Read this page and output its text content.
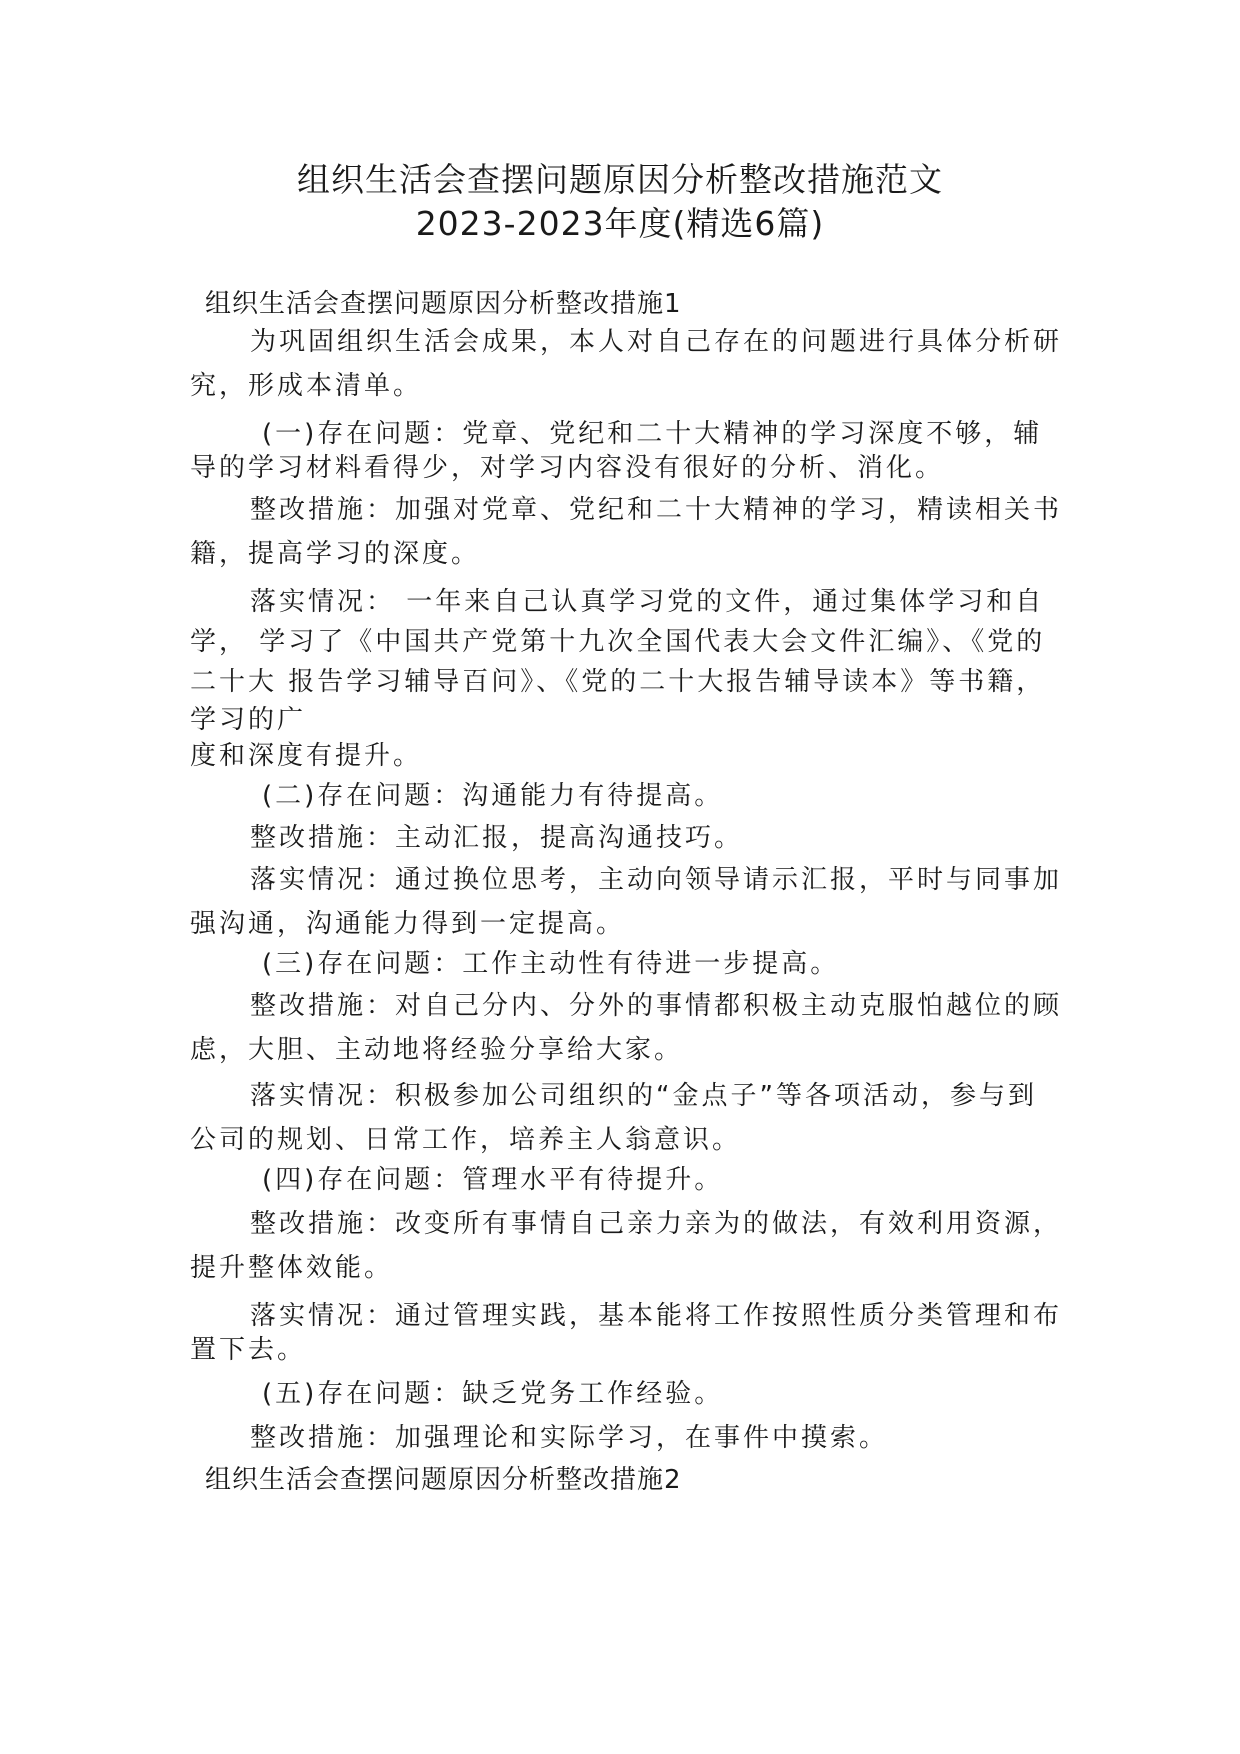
组织生活会查摆问题原因分析整改措施范文
2023-2023年度(精选6篇)
组织生活会查摆问题原因分析整改措施1
为巩固组织生活会成果，本人对自己存在的问题进行具体分析研
究，形成本清单。
(一)存在问题：党章、党纪和二十大精神的学习深度不够，辅
导的学习材料看得少，对学习内容没有很好的分析、消化。
整改措施：加强对党章、党纪和二十大精神的学习，精读相关书
籍，提高学习的深度。
落实情况： 一年来自己认真学习党的文件，通过集体学习和自
学， 学习了《中国共产党第十九次全国代表大会文件汇编》、《党的
二十大 报告学习辅导百问》、《党的二十大报告辅导读本》等书籍，
学习的广
度和深度有提升。
(二)存在问题：沟通能力有待提高。
整改措施：主动汇报，提高沟通技巧。
落实情况：通过换位思考，主动向领导请示汇报，平时与同事加
强沟通，沟通能力得到一定提高。
(三)存在问题：工作主动性有待进一步提高。
整改措施：对自己分内、分外的事情都积极主动克服怕越位的顾
虑，大胆、主动地将经验分享给大家。
落实情况：积极参加公司组织的“金点子”等各项活动，参与到
公司的规划、日常工作，培养主人翁意识。
(四)存在问题：管理水平有待提升。
整改措施：改变所有事情自己亲力亲为的做法，有效利用资源，
提升整体效能。
落实情况：通过管理实践，基本能将工作按照性质分类管理和布
置下去。
(五)存在问题：缺乏党务工作经验。
整改措施：加强理论和实际学习，在事件中摸索。
组织生活会查摆问题原因分析整改措施2
